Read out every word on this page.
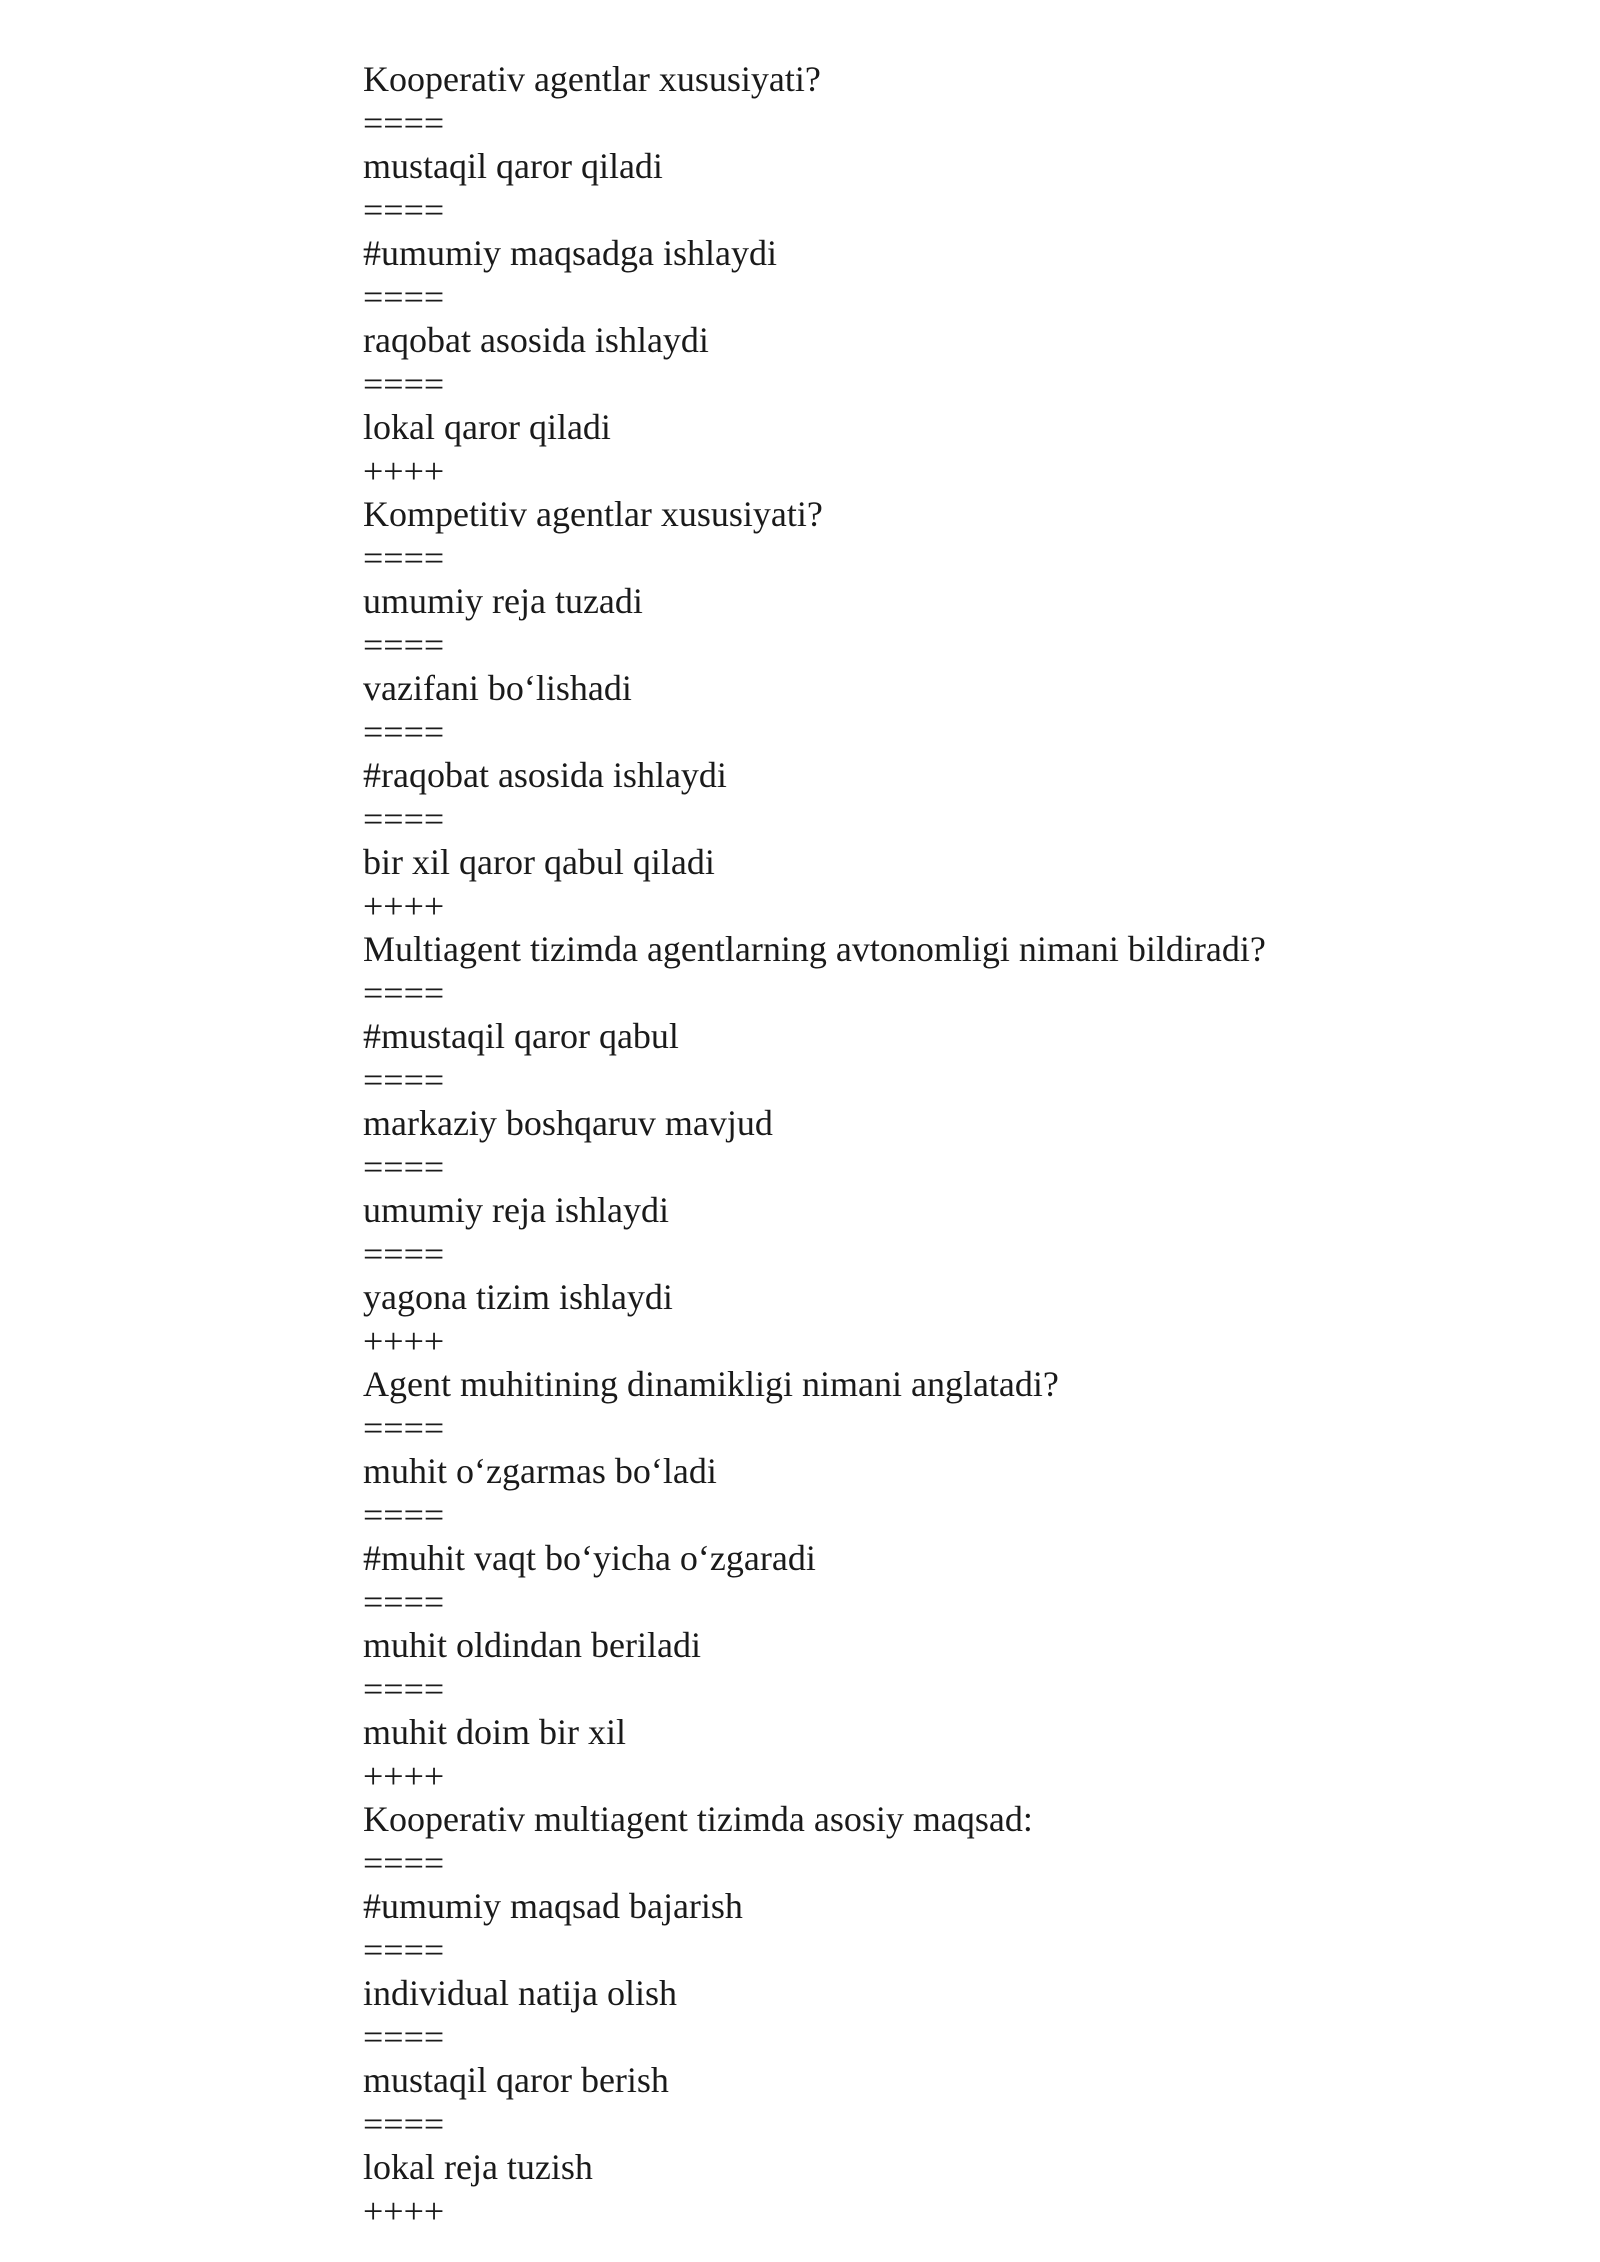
Kooperativ agentlar xususiyati?
====
mustaqil qaror qiladi
====
#umumiy maqsadga ishlaydi
====
raqobat asosida ishlaydi
====
lokal qaror qiladi
++++
Kompetitiv agentlar xususiyati?
====
umumiy reja tuzadi
====
vazifani bo‘lishadi
====
#raqobat asosida ishlaydi
====
bir xil qaror qabul qiladi
++++
Multiagent tizimda agentlarning avtonomligi nimani bildiradi?
====
#mustaqil qaror qabul
====
markaziy boshqaruv mavjud
====
umumiy reja ishlaydi
====
yagona tizim ishlaydi
++++
Agent muhitining dinamikligi nimani anglatadi?
====
muhit o‘zgarmas bo‘ladi
====
#muhit vaqt bo‘yicha o‘zgaradi
====
muhit oldindan beriladi
====
muhit doim bir xil
++++
Kooperativ multiagent tizimda asosiy maqsad:
====
#umumiy maqsad bajarish
====
individual natija olish
====
mustaqil qaror berish
====
lokal reja tuzish
++++
